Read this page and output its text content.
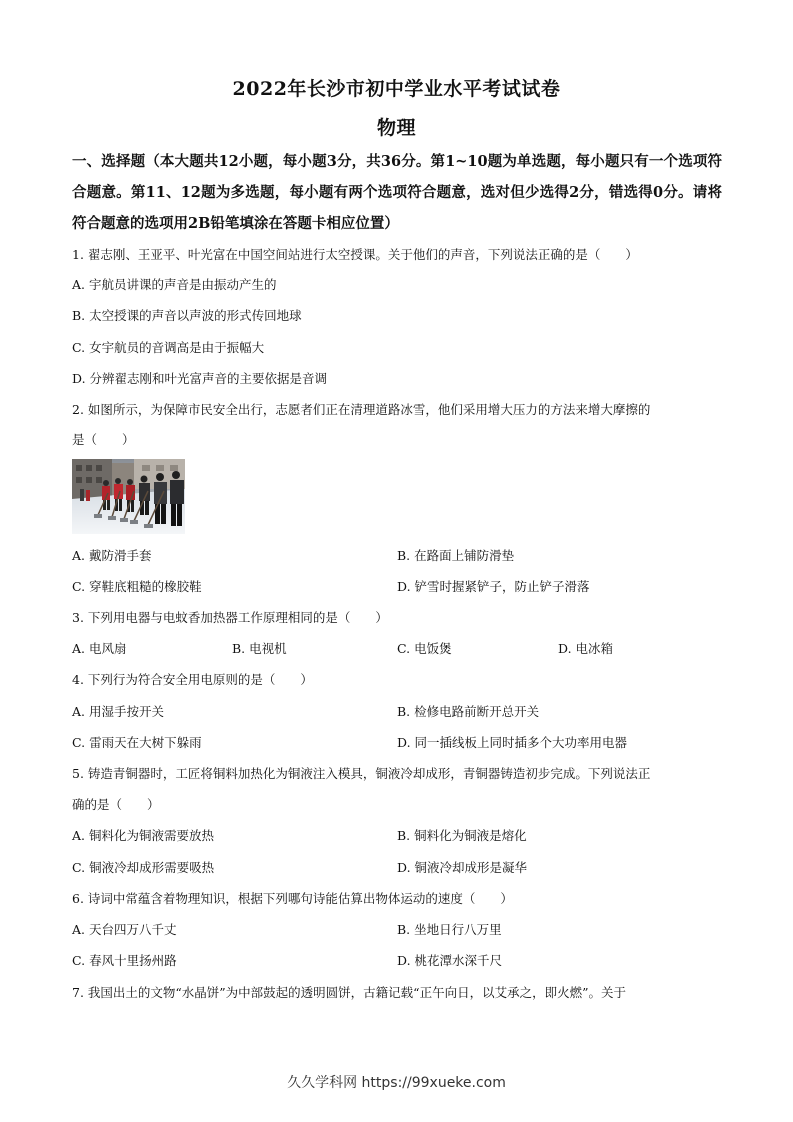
2022年长沙市初中学业水平考试试卷
物理
一、选择题（本大题共12小题，每小题3分，共36分。第1~10题为单选题，每小题只有一个选项符合题意。第11、12题为多选题，每小题有两个选项符合题意，选对但少选得2分，错选得0分。请将符合题意的选项用2B铅笔填涂在答题卡相应位置）
1. 翟志刚、王亚平、叶光富在中国空间站进行太空授课。关于他们的声音，下列说法正确的是（　　）
A. 宇航员讲课的声音是由振动产生的
B. 太空授课的声音以声波的形式传回地球
C. 女宇航员的音调高是由于振幅大
D. 分辨翟志刚和叶光富声音的主要依据是音调
2. 如图所示，为保障市民安全出行，志愿者们正在清理道路冰雪，他们采用增大压力的方法来增大摩擦的
是（　　）
A. 戴防滑手套	B. 在路面上铺防滑垫
C. 穿鞋底粗糙的橡胶鞋	D. 铲雪时握紧铲子，防止铲子滑落
3. 下列用电器与电蚊香加热器工作原理相同的是（　　）
A. 电风扇	B. 电视机	C. 电饭煲	D. 电冰箱
4. 下列行为符合安全用电原则的是（　　）
A. 用湿手按开关	B. 检修电路前断开总开关
C. 雷雨天在大树下躲雨	D. 同一插线板上同时插多个大功率用电器
5. 铸造青铜器时，工匠将铜料加热化为铜液注入模具，铜液冷却成形，青铜器铸造初步完成。下列说法正
确的是（　　）
A. 铜料化为铜液需要放热	B. 铜料化为铜液是熔化
C. 铜液冷却成形需要吸热	D. 铜液冷却成形是凝华
6. 诗词中常蕴含着物理知识，根据下列哪句诗能估算出物体运动的速度（　　）
A. 天台四万八千丈	B. 坐地日行八万里
C. 春风十里扬州路	D. 桃花潭水深千尺
7. 我国出土的文物“水晶饼”为中部鼓起的透明圆饼，古籍记载“正午向日，以艾承之，即火燃”。关于
久久学科网 https://99xueke.com
